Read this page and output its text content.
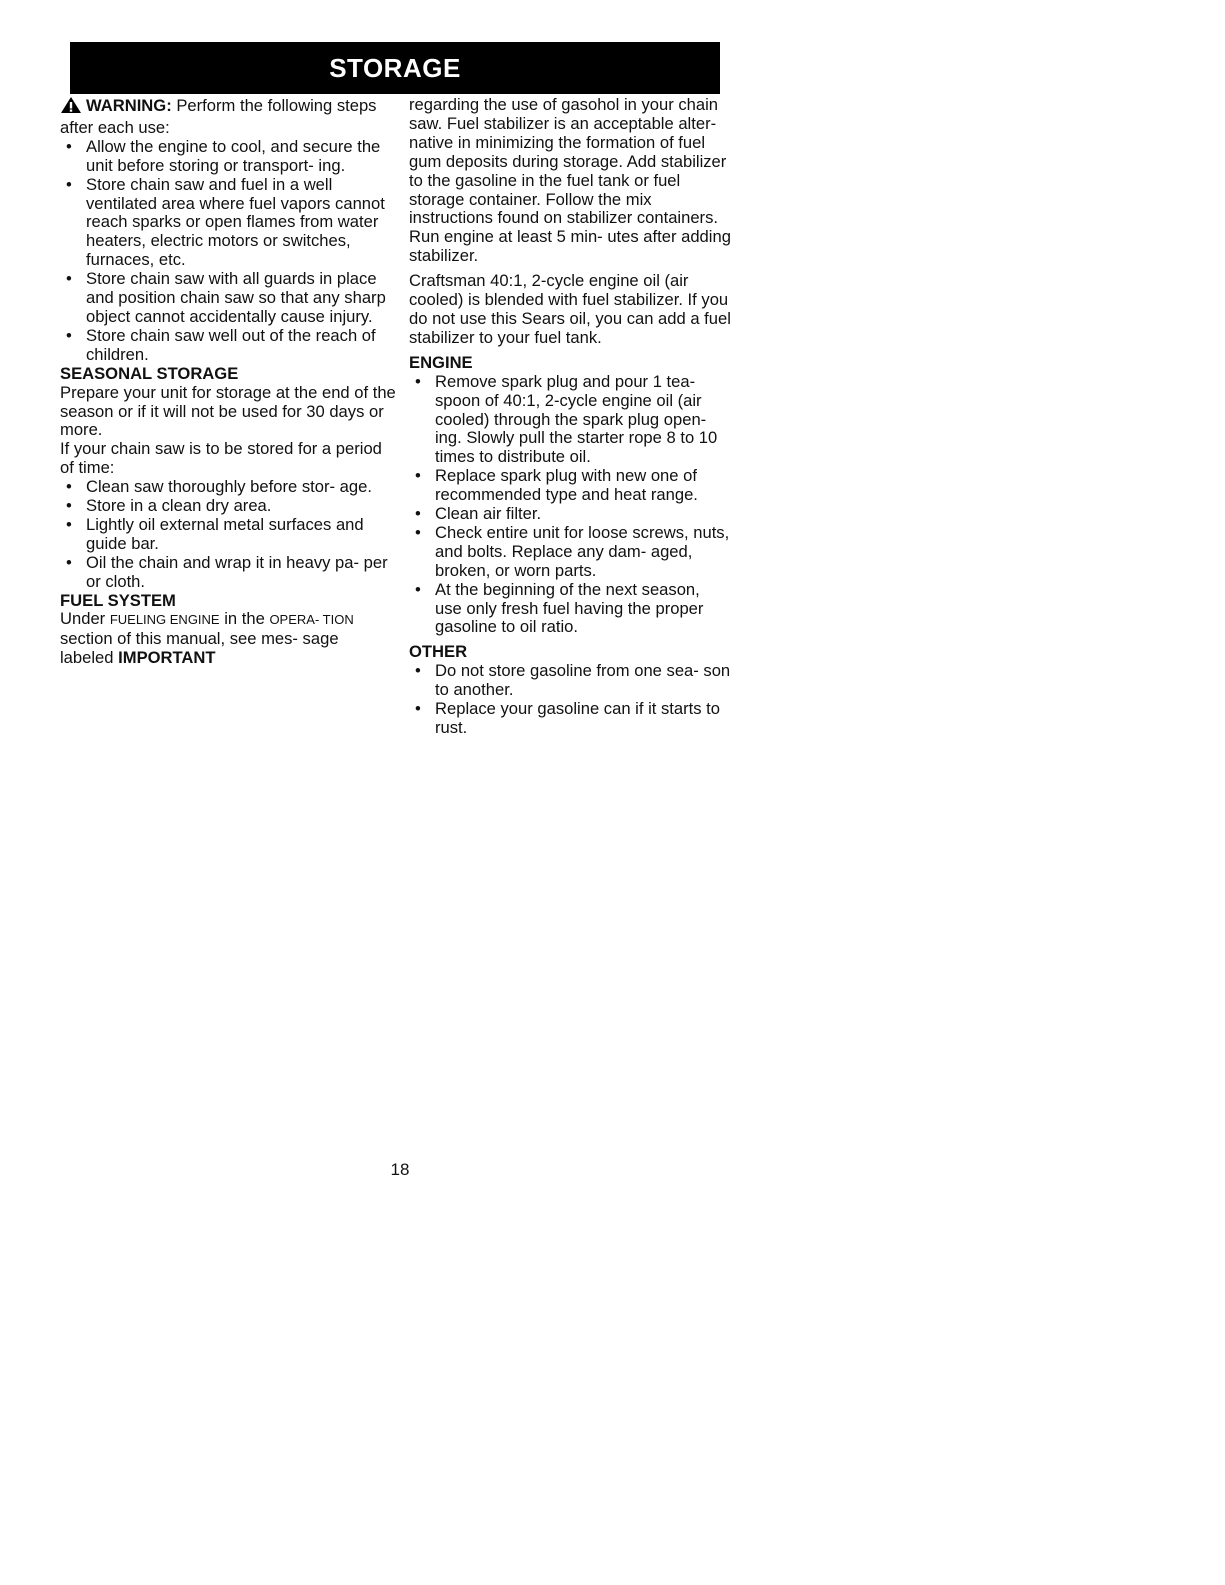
STORAGE

WARNING: Perform the following steps after each use:

• Allow the engine to cool, and secure the unit before storing or transport- ing.
• Store chain saw and fuel in a well ventilated area where fuel vapors cannot reach sparks or open flames from water heaters, electric motors or switches, furnaces, etc.
• Store chain saw with all guards in place and position chain saw so that any sharp object cannot accidentally cause injury.
• Store chain saw well out of the reach of children.
SEASONAL STORAGE

Prepare your unit for storage at the end of the season or if it will not be used for 30 days or more.

If your chain saw is to be stored for a period of time:

• Clean saw thoroughly before stor- age.
• Store in a clean dry area.
• Lightly oil external metal surfaces and guide bar.
• Oil the chain and wrap it in heavy pa- per or cloth.
FUEL SYSTEM

Under FUELING ENGINE in the OPERA- TION section of this manual, see mes- sage labeled IMPORTANT

regarding the use of gasohol in your chain saw. Fuel stabilizer is an acceptable alter- native in minimizing the formation of fuel gum deposits during storage. Add stabilizer to the gasoline in the fuel tank or fuel storage container. Follow the mix instructions found on stabilizer containers. Run engine at least 5 min- utes after adding stabilizer.

Craftsman 40:1, 2-cycle engine oil (air cooled) is blended with fuel stabilizer. If you do not use this Sears oil, you can add a fuel stabilizer to your fuel tank.

ENGINE
• Remove spark plug and pour 1 tea- spoon of 40:1, 2-cycle engine oil (air cooled) through the spark plug open- ing. Slowly pull the starter rope 8 to 10 times to distribute oil.
• Replace spark plug with new one of recommended type and heat range.
• Clean air filter.
• Check entire unit for loose screws, nuts, and bolts. Replace any dam- aged, broken, or worn parts.
• At the beginning of the next season, use only fresh fuel having the proper gasoline to oil ratio.
OTHER
• Do not store gasoline from one sea- son to another.
• Replace your gasoline can if it starts to rust.
18
